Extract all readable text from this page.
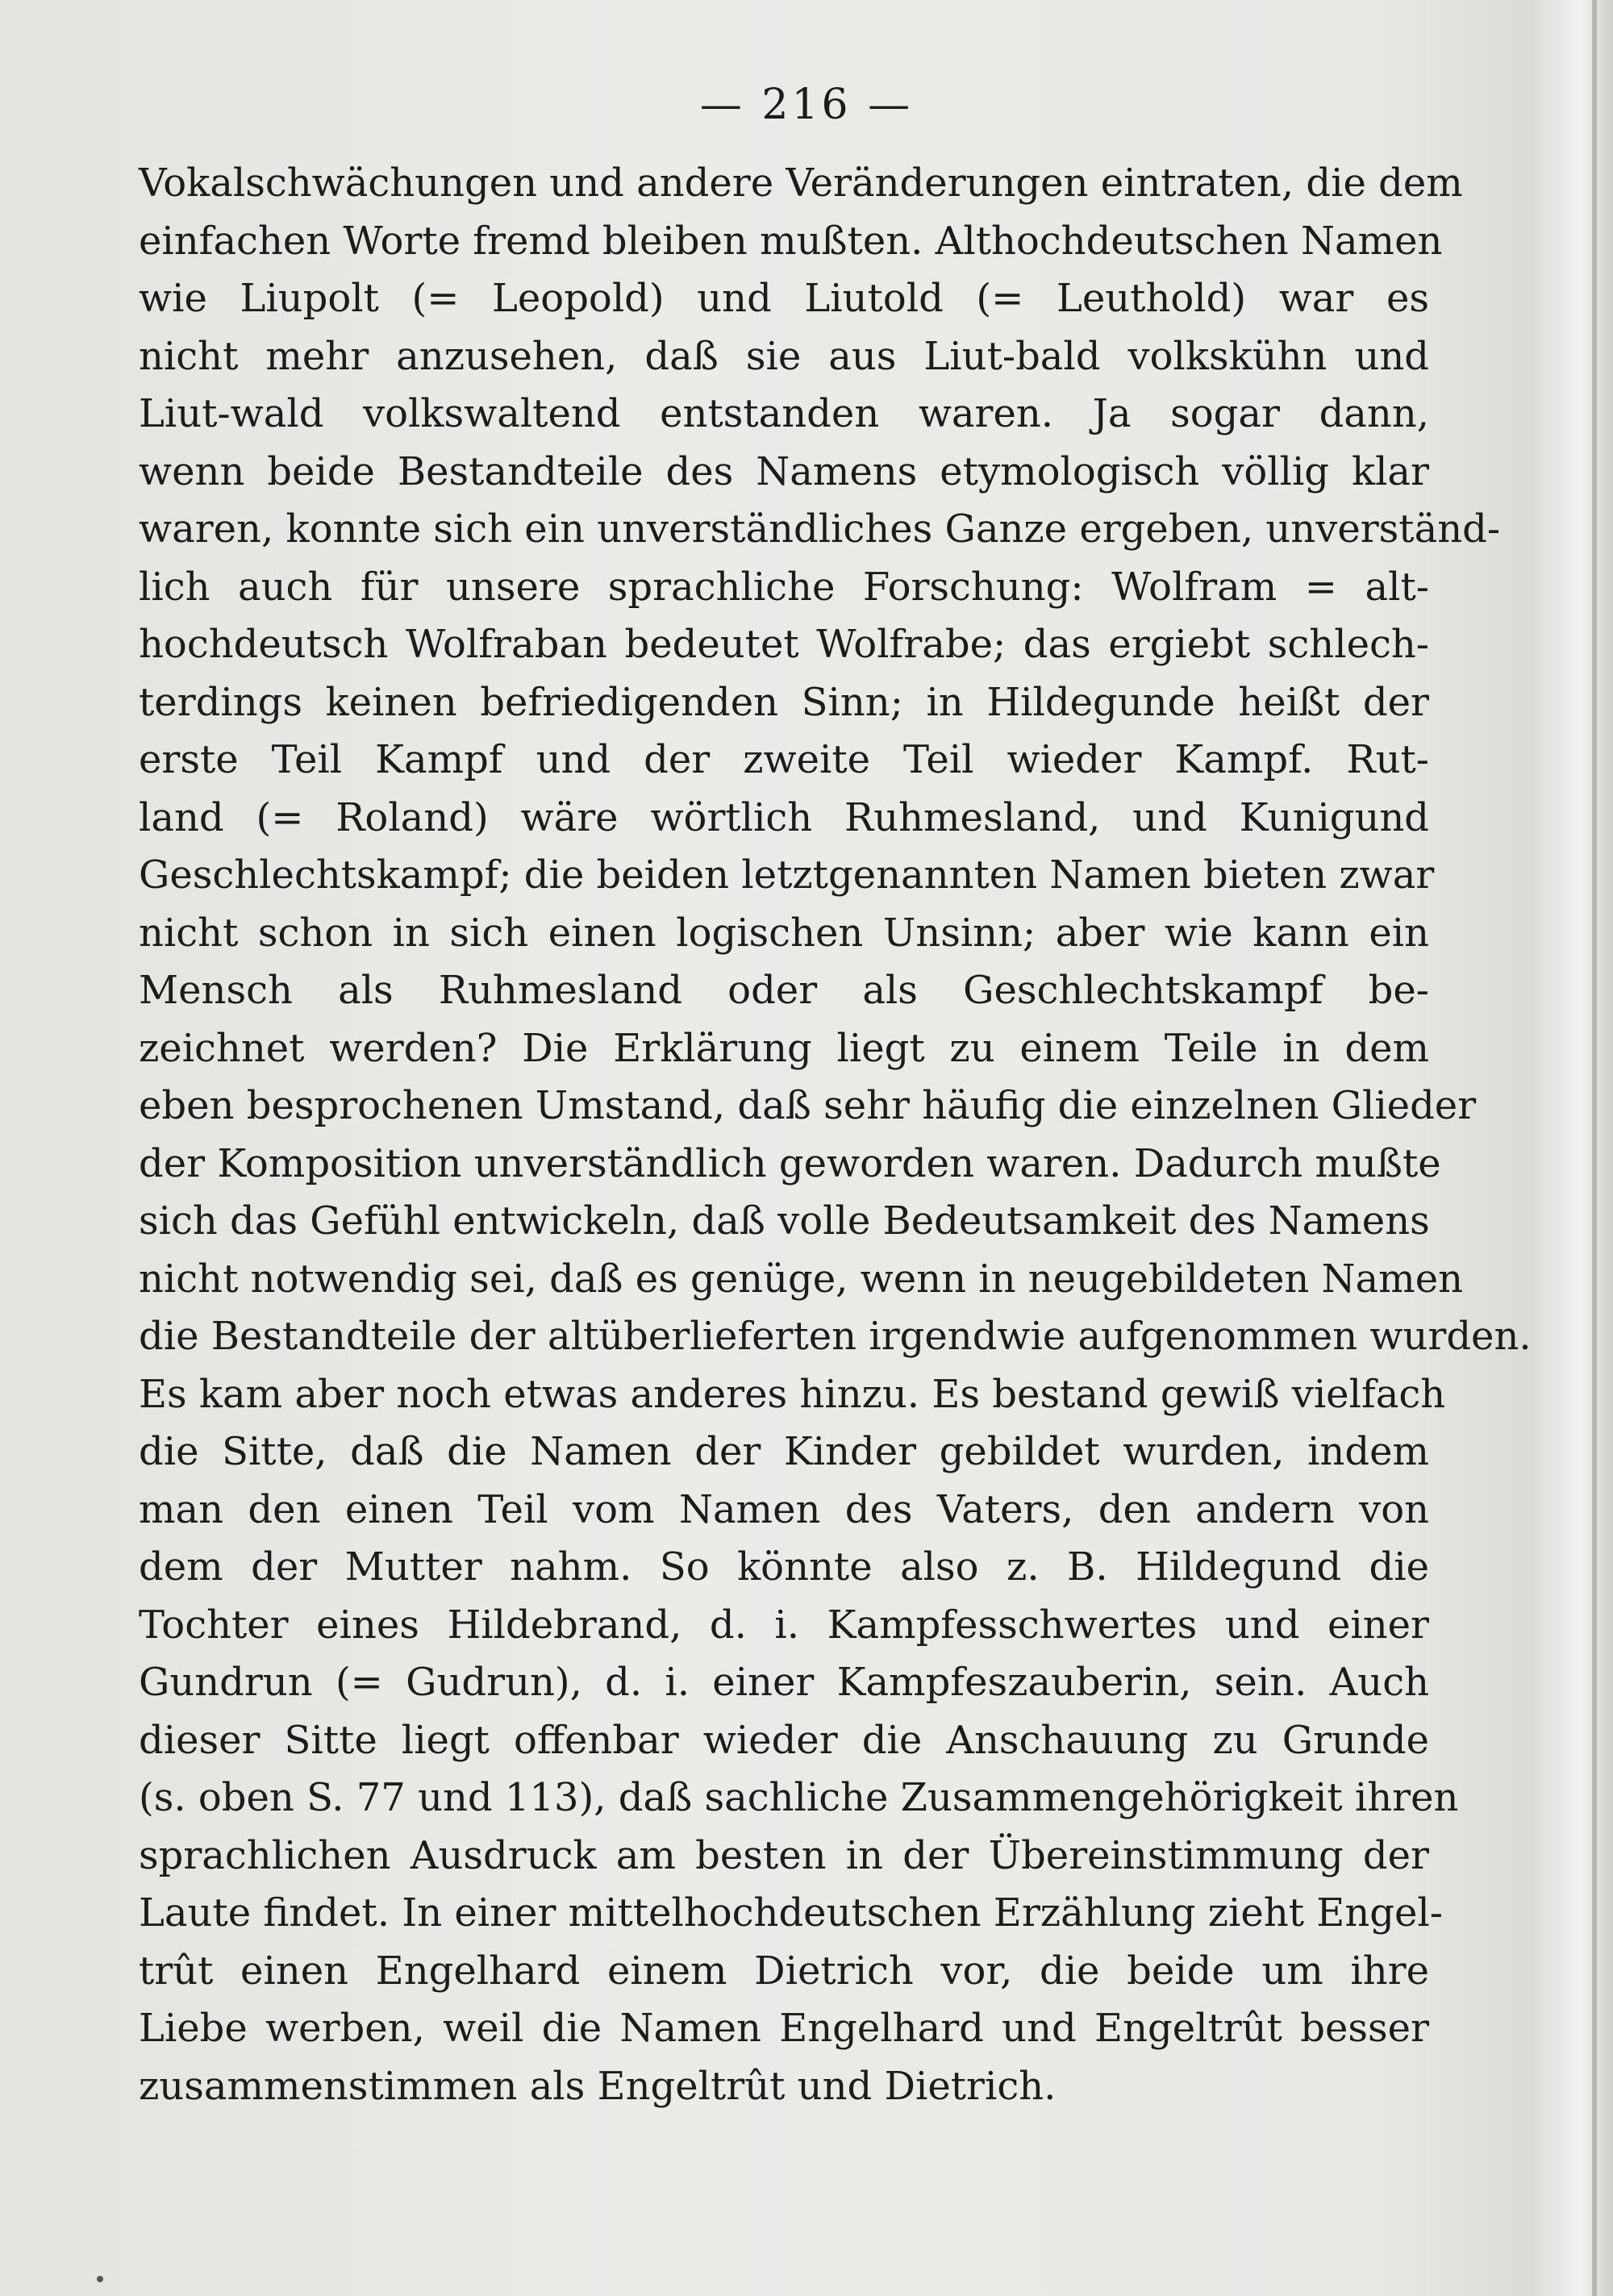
— 216 —
Vokalschwächungen und andere Veränderungen eintraten, die dem
einfachen Worte fremd bleiben mußten. Althochdeutschen Namen
wie Liupolt (= Leopold) und Liutold (= Leuthold) war es
nicht mehr anzusehen, daß sie aus Liut-bald volkskühn und
Liut-wald volkswaltend entstanden waren. Ja sogar dann,
wenn beide Bestandteile des Namens etymologisch völlig klar
waren, konnte sich ein unverständliches Ganze ergeben, unverständ-
lich auch für unsere sprachliche Forschung: Wolfram = alt-
hochdeutsch Wolfraban bedeutet Wolfrabe; das ergiebt schlech-
terdings keinen befriedigenden Sinn; in Hildegunde heißt der
erste Teil Kampf und der zweite Teil wieder Kampf. Rut-
land (= Roland) wäre wörtlich Ruhmesland, und Kunigund
Geschlechtskampf; die beiden letztgenannten Namen bieten zwar
nicht schon in sich einen logischen Unsinn; aber wie kann ein
Mensch als Ruhmesland oder als Geschlechtskampf be-
zeichnet werden? Die Erklärung liegt zu einem Teile in dem
eben besprochenen Umstand, daß sehr häufig die einzelnen Glieder
der Komposition unverständlich geworden waren. Dadurch mußte
sich das Gefühl entwickeln, daß volle Bedeutsamkeit des Namens
nicht notwendig sei, daß es genüge, wenn in neugebildeten Namen
die Bestandteile der altüberlieferten irgendwie aufgenommen wurden.
Es kam aber noch etwas anderes hinzu. Es bestand gewiß vielfach
die Sitte, daß die Namen der Kinder gebildet wurden, indem
man den einen Teil vom Namen des Vaters, den andern von
dem der Mutter nahm. So könnte also z. B. Hildegund die
Tochter eines Hildebrand, d. i. Kampfesschwertes und einer
Gundrun (= Gudrun), d. i. einer Kampfeszauberin, sein. Auch
dieser Sitte liegt offenbar wieder die Anschauung zu Grunde
(s. oben S. 77 und 113), daß sachliche Zusammengehörigkeit ihren
sprachlichen Ausdruck am besten in der Übereinstimmung der
Laute findet. In einer mittelhochdeutschen Erzählung zieht Engel-
trût einen Engelhard einem Dietrich vor, die beide um ihre
Liebe werben, weil die Namen Engelhard und Engeltrût besser
zusammenstimmen als Engeltrût und Dietrich.
